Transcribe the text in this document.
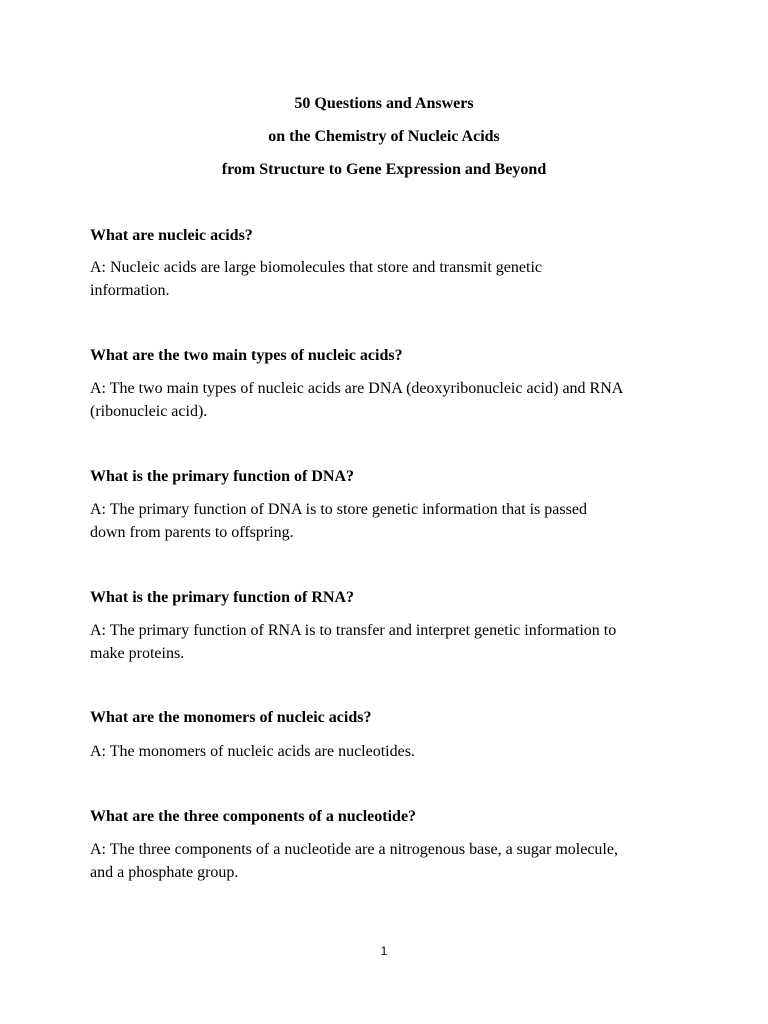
50 Questions and Answers
on the Chemistry of Nucleic Acids
from Structure to Gene Expression and Beyond
What are nucleic acids?
A: Nucleic acids are large biomolecules that store and transmit genetic
information.
What are the two main types of nucleic acids?
A: The two main types of nucleic acids are DNA (deoxyribonucleic acid) and RNA
(ribonucleic acid).
What is the primary function of DNA?
A: The primary function of DNA is to store genetic information that is passed
down from parents to offspring.
What is the primary function of RNA?
A: The primary function of RNA is to transfer and interpret genetic information to
make proteins.
What are the monomers of nucleic acids?
A: The monomers of nucleic acids are nucleotides.
What are the three components of a nucleotide?
A: The three components of a nucleotide are a nitrogenous base, a sugar molecule,
and a phosphate group.
1
